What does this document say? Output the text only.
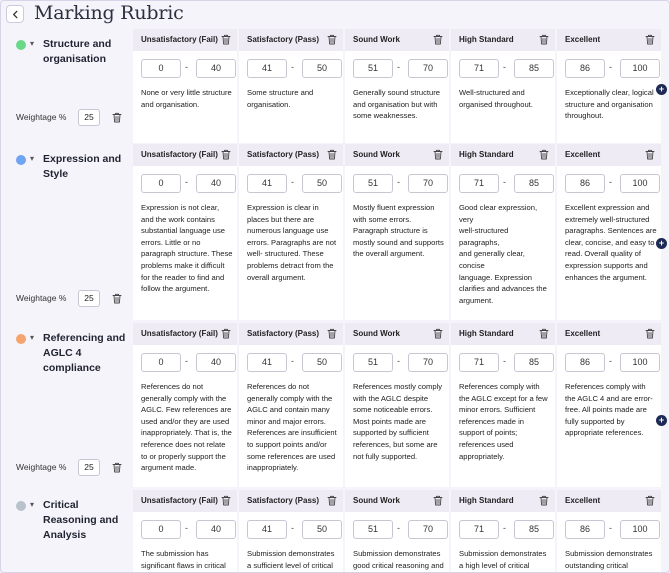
Marking Rubric
▾ Structure and organisation
Weightage %	25
Unsatisfactory (Fail)
0	-	40
None or very little structure and organisation.
Satisfactory (Pass)
41	-	50
Some structure and organisation.
Sound Work
51	-	70
Generally sound structure and organisation but with some weaknesses.
High Standard
71	-	85
Well-structured and organised throughout.
Excellent
86	-	100
Exceptionally clear, logical structure and organisation throughout.
+
▾ Expression and Style
Weightage %	25
Unsatisfactory (Fail)
0	-	40
Expression is not clear, and the work contains substantial language use errors. Little or no paragraph structure. These problems make it difficult for the reader to find and follow the argument.
Satisfactory (Pass)
41	-	50
Expression is clear in places but there are numerous language use errors. Paragraphs are not well- structured. These problems detract from the overall argument.
Sound Work
51	-	70
Mostly fluent expression with some errors. Paragraph structure is mostly sound and supports the overall argument.
High Standard
71	-	85
Good clear expression,
very
well-structured
paragraphs,
and generally clear,
concise
language. Expression clarifies and advances the argument.
Excellent
86	-	100
Excellent expression and extremely well-structured paragraphs. Sentences are clear, concise, and easy to read. Overall quality of expression supports and enhances the argument.
+
▾ Referencing and AGLC 4 compliance
Weightage %	25
Unsatisfactory (Fail)
0	-	40
References do not generally comply with the AGLC. Few references are used and/or they are used inappropriately. That is, the reference does not relate to or properly support the argument made.
Satisfactory (Pass)
41	-	50
References do not generally comply with the AGLC and contain many minor and major errors. References are insufficient to support points and/or some references are used inappropriately.
Sound Work
51	-	70
References mostly comply with the AGLC despite some noticeable errors. Most points made are supported by sufficient references, but some are not fully supported.
High Standard
71	-	85
References comply with the AGLC except for a few minor errors. Sufficient references made in support of points; references used appropriately.
Excellent
86	-	100
References comply with the AGLC 4 and are error-free. All points made are fully supported by appropriate references.
+
▾ Critical Reasoning and Analysis
Unsatisfactory (Fail)
0	-	40
The submission has significant flaws in critical
Satisfactory (Pass)
41	-	50
Submission demonstrates a sufficient level of critical
Sound Work
51	-	70
Submission demonstrates good critical reasoning and
High Standard
71	-	85
Submission demonstrates a high level of critical
Excellent
86	-	100
Submission demonstrates outstanding critical
